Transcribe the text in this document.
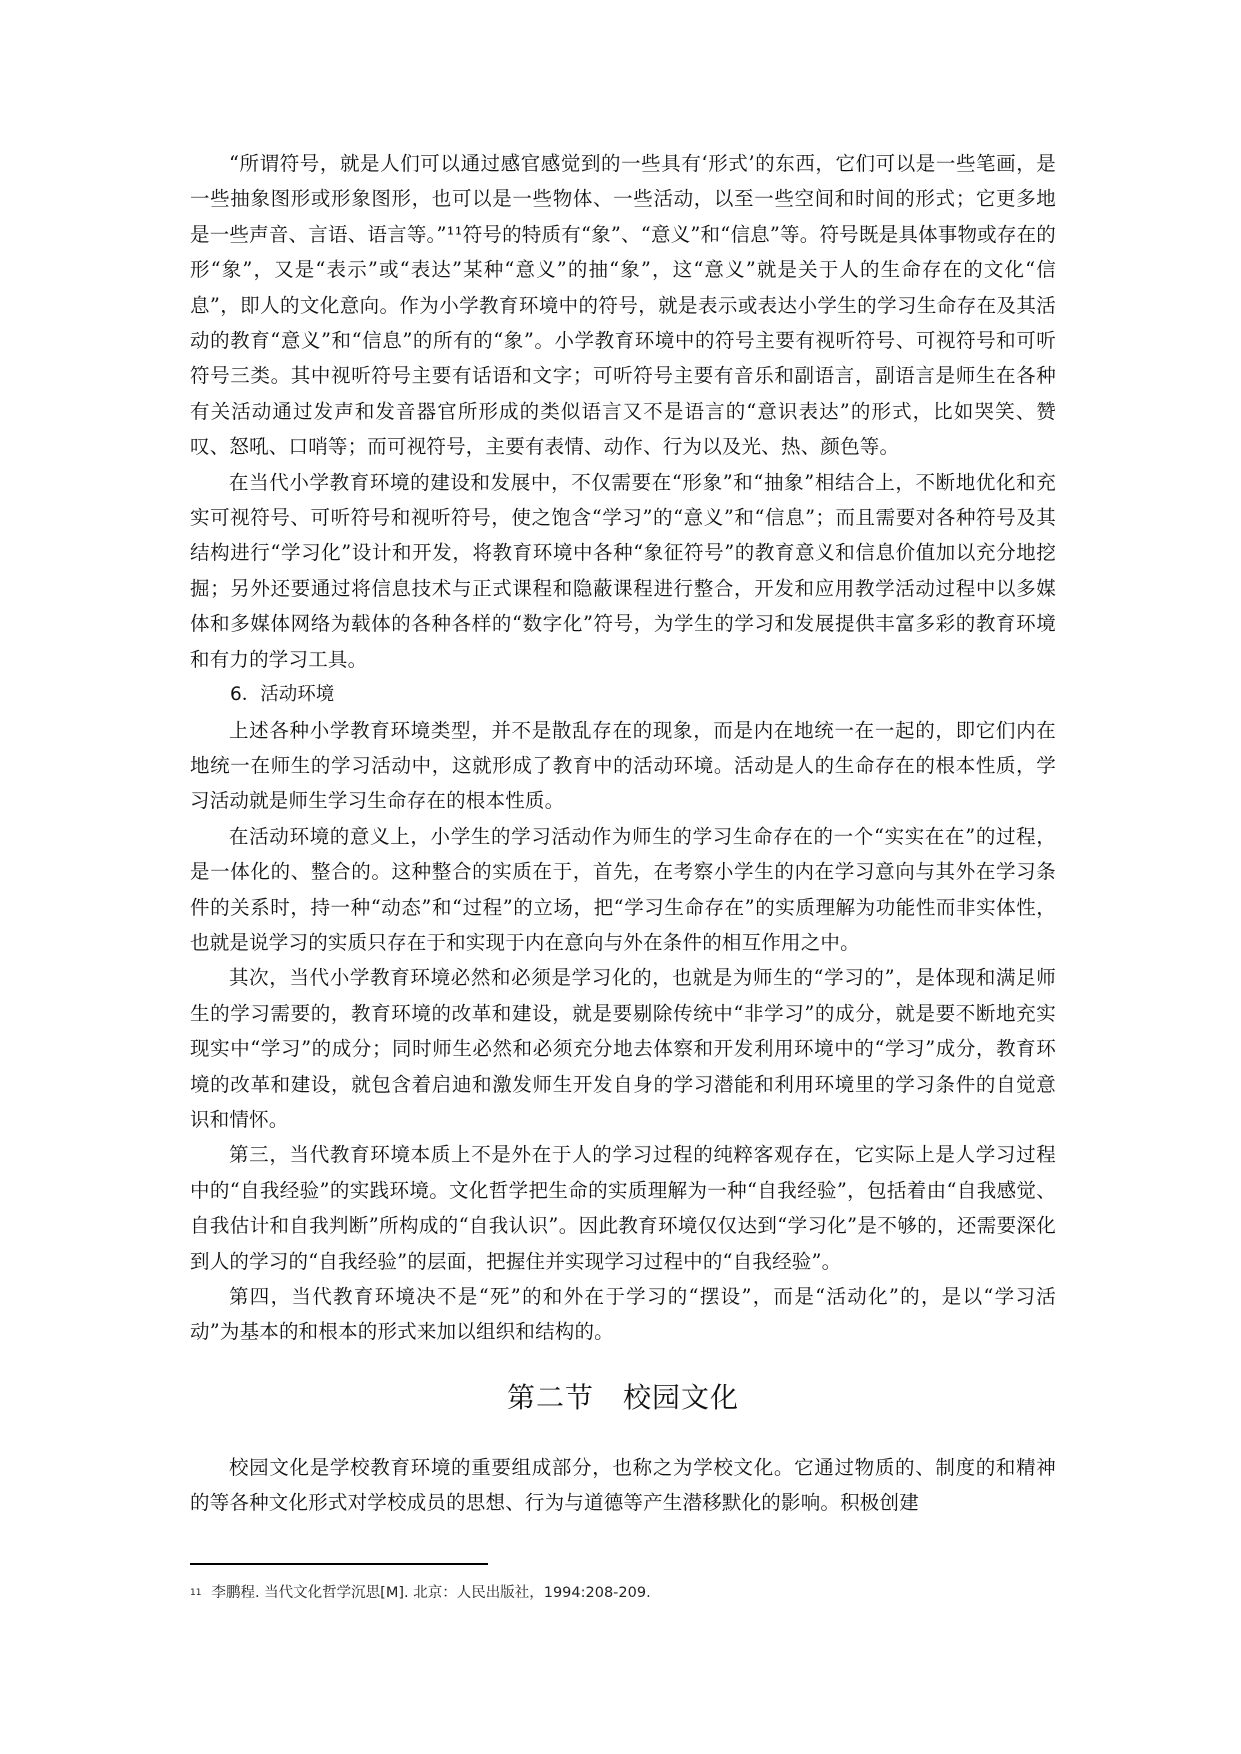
“所谓符号，就是人们可以通过感官感觉到的一些具有‘形式’的东西，它们可以是一些笔画，是一些抽象图形或形象图形，也可以是一些物体、一些活动，以至一些空间和时间的形式；它更多地是一些声音、言语、语言等。”¹¹符号的特质有“象”、“意义”和“信息”等。符号既是具体事物或存在的形“象”，又是“表示”或“表达”某种“意义”的抽“象”，这“意义”就是关于人的生命存在的文化“信息”，即人的文化意向。作为小学教育环境中的符号，就是表示或表达小学生的学习生命存在及其活动的教育“意义”和“信息”的所有的“象”。小学教育环境中的符号主要有视听符号、可视符号和可听符号三类。其中视听符号主要有话语和文字；可听符号主要有音乐和副语言，副语言是师生在各种有关活动通过发声和发音器官所形成的类似语言又不是语言的“意识表达”的形式，比如哭笑、赞叹、怒吼、口哨等；而可视符号，主要有表情、动作、行为以及光、热、颜色等。

在当代小学教育环境的建设和发展中，不仅需要在“形象”和“抽象”相结合上，不断地优化和充实可视符号、可听符号和视听符号，使之饱含“学习”的“意义”和“信息”；而且需要对各种符号及其结构进行“学习化”设计和开发，将教育环境中各种“象征符号”的教育意义和信息价值加以充分地挖掘；另外还要通过将信息技术与正式课程和隐蔽课程进行整合，开发和应用教学活动过程中以多媒体和多媒体网络为载体的各种各样的“数字化”符号，为学生的学习和发展提供丰富多彩的教育环境和有力的学习工具。

6．活动环境

上述各种小学教育环境类型，并不是散乱存在的现象，而是内在地统一在一起的，即它们内在地统一在师生的学习活动中，这就形成了教育中的活动环境。活动是人的生命存在的根本性质，学习活动就是师生学习生命存在的根本性质。

在活动环境的意义上，小学生的学习活动作为师生的学习生命存在的一个“实实在在”的过程，是一体化的、整合的。这种整合的实质在于，首先，在考察小学生的内在学习意向与其外在学习条件的关系时，持一种“动态”和“过程”的立场，把“学习生命存在”的实质理解为功能性而非实体性，也就是说学习的实质只存在于和实现于内在意向与外在条件的相互作用之中。

其次，当代小学教育环境必然和必须是学习化的，也就是为师生的“学习的”，是体现和满足师生的学习需要的，教育环境的改革和建设，就是要剔除传统中“非学习”的成分，就是要不断地充实现实中“学习”的成分；同时师生必然和必须充分地去体察和开发利用环境中的“学习”成分，教育环境的改革和建设，就包含着启迪和激发师生开发自身的学习潜能和利用环境里的学习条件的自觉意识和情怀。

第三，当代教育环境本质上不是外在于人的学习过程的纯粹客观存在，它实际上是人学习过程中的“自我经验”的实践环境。文化哲学把生命的实质理解为一种“自我经验”，包括着由“自我感觉、自我估计和自我判断”所构成的“自我认识”。因此教育环境仅仅达到“学习化”是不够的，还需要深化到人的学习的“自我经验”的层面，把握住并实现学习过程中的“自我经验”。

第四，当代教育环境决不是“死”的和外在于学习的“摆设”，而是“活动化”的，是以“学习活动”为基本的和根本的形式来加以组织和结构的。

第二节　校园文化

校园文化是学校教育环境的重要组成部分，也称之为学校文化。它通过物质的、制度的和精神的等各种文化形式对学校成员的思想、行为与道德等产生潜移默化的影响。积极创建

$^{11}$ 李鹏程. 当代文化哲学沉思[M]. 北京：人民出版社，1994:208-209.
